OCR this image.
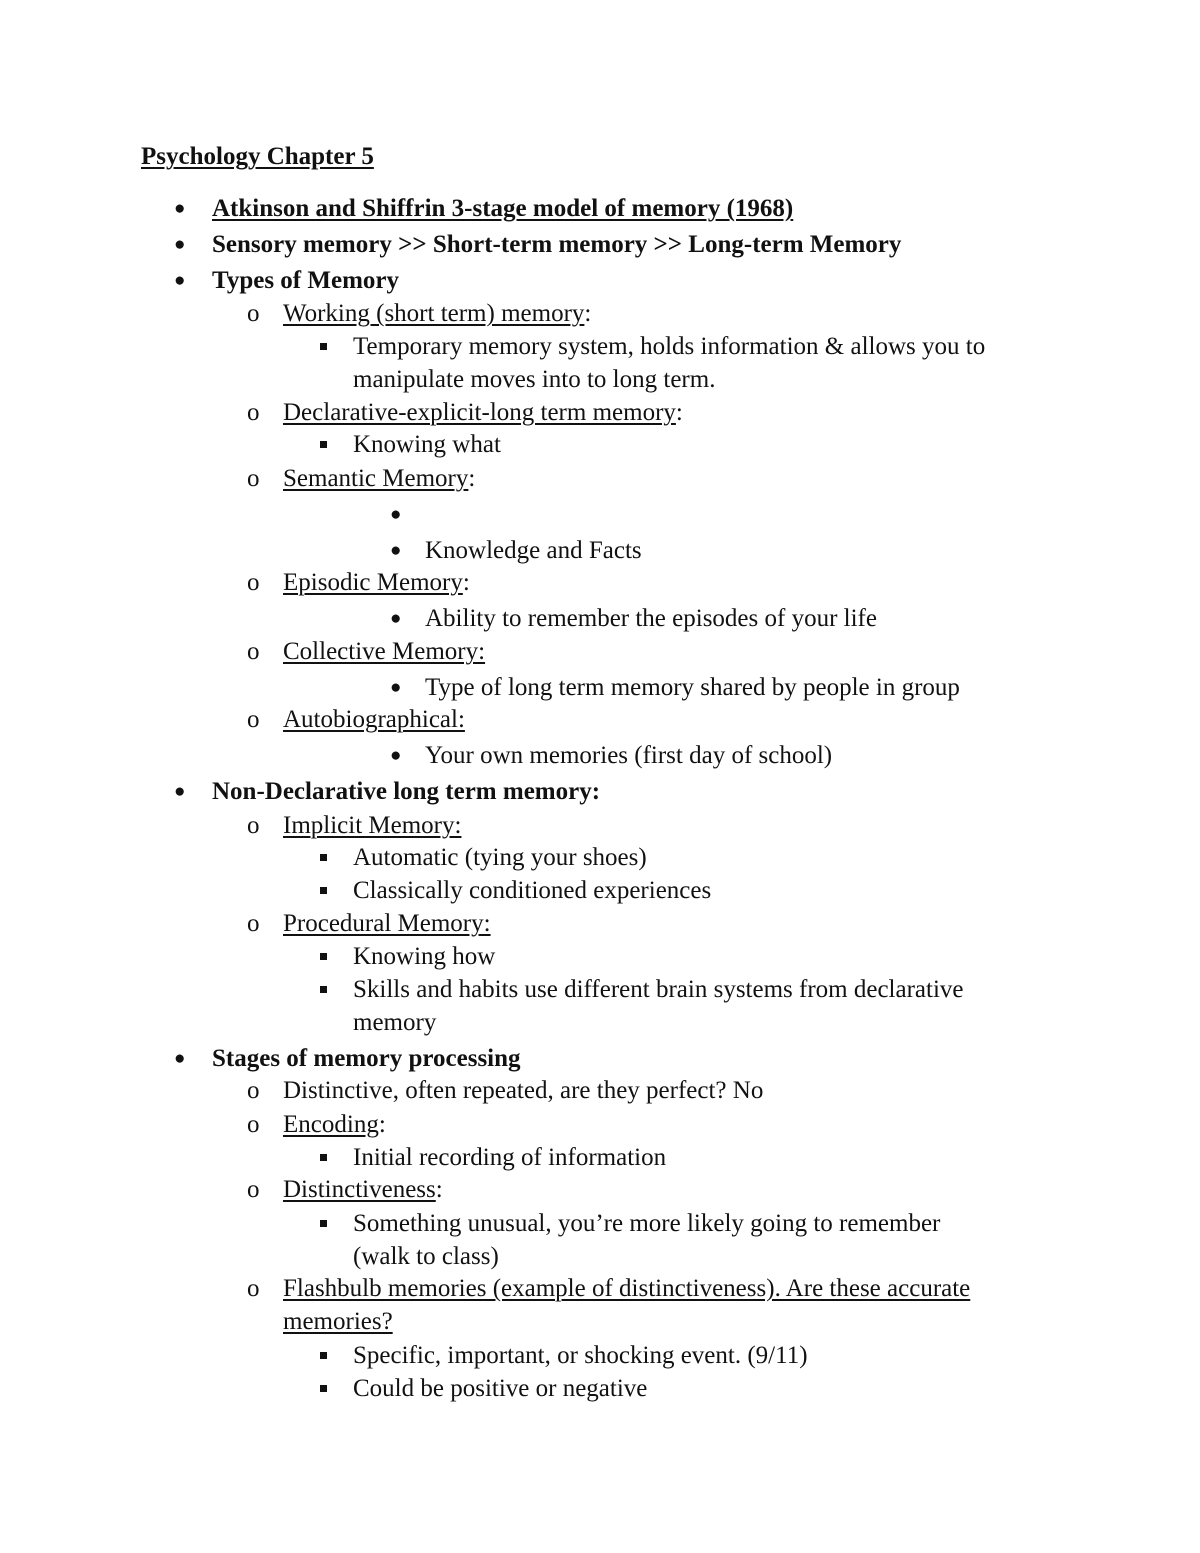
Psychology Chapter 5
● Atkinson and Shiffrin 3-stage model of memory (1968)
● Sensory memory >> Short-term memory >> Long-term Memory
● Types of Memory
o Working (short term) memory:
Temporary memory system, holds information & allows you to
manipulate moves into to long term.
o Declarative-explicit-long term memory:
Knowing what
o Semantic Memory:
●
● Knowledge and Facts
o Episodic Memory:
● Ability to remember the episodes of your life
o Collective Memory:
● Type of long term memory shared by people in group
o Autobiographical:
● Your own memories (first day of school)
● Non-Declarative long term memory:
o Implicit Memory:
Automatic (tying your shoes)
Classically conditioned experiences
o Procedural Memory:
Knowing how
Skills and habits use different brain systems from declarative
memory
● Stages of memory processing
o Distinctive, often repeated, are they perfect? No
o Encoding:
Initial recording of information
o Distinctiveness:
Something unusual, you’re more likely going to remember
(walk to class)
o Flashbulb memories (example of distinctiveness). Are these accurate
memories?
Specific, important, or shocking event. (9/11)
Could be positive or negative
